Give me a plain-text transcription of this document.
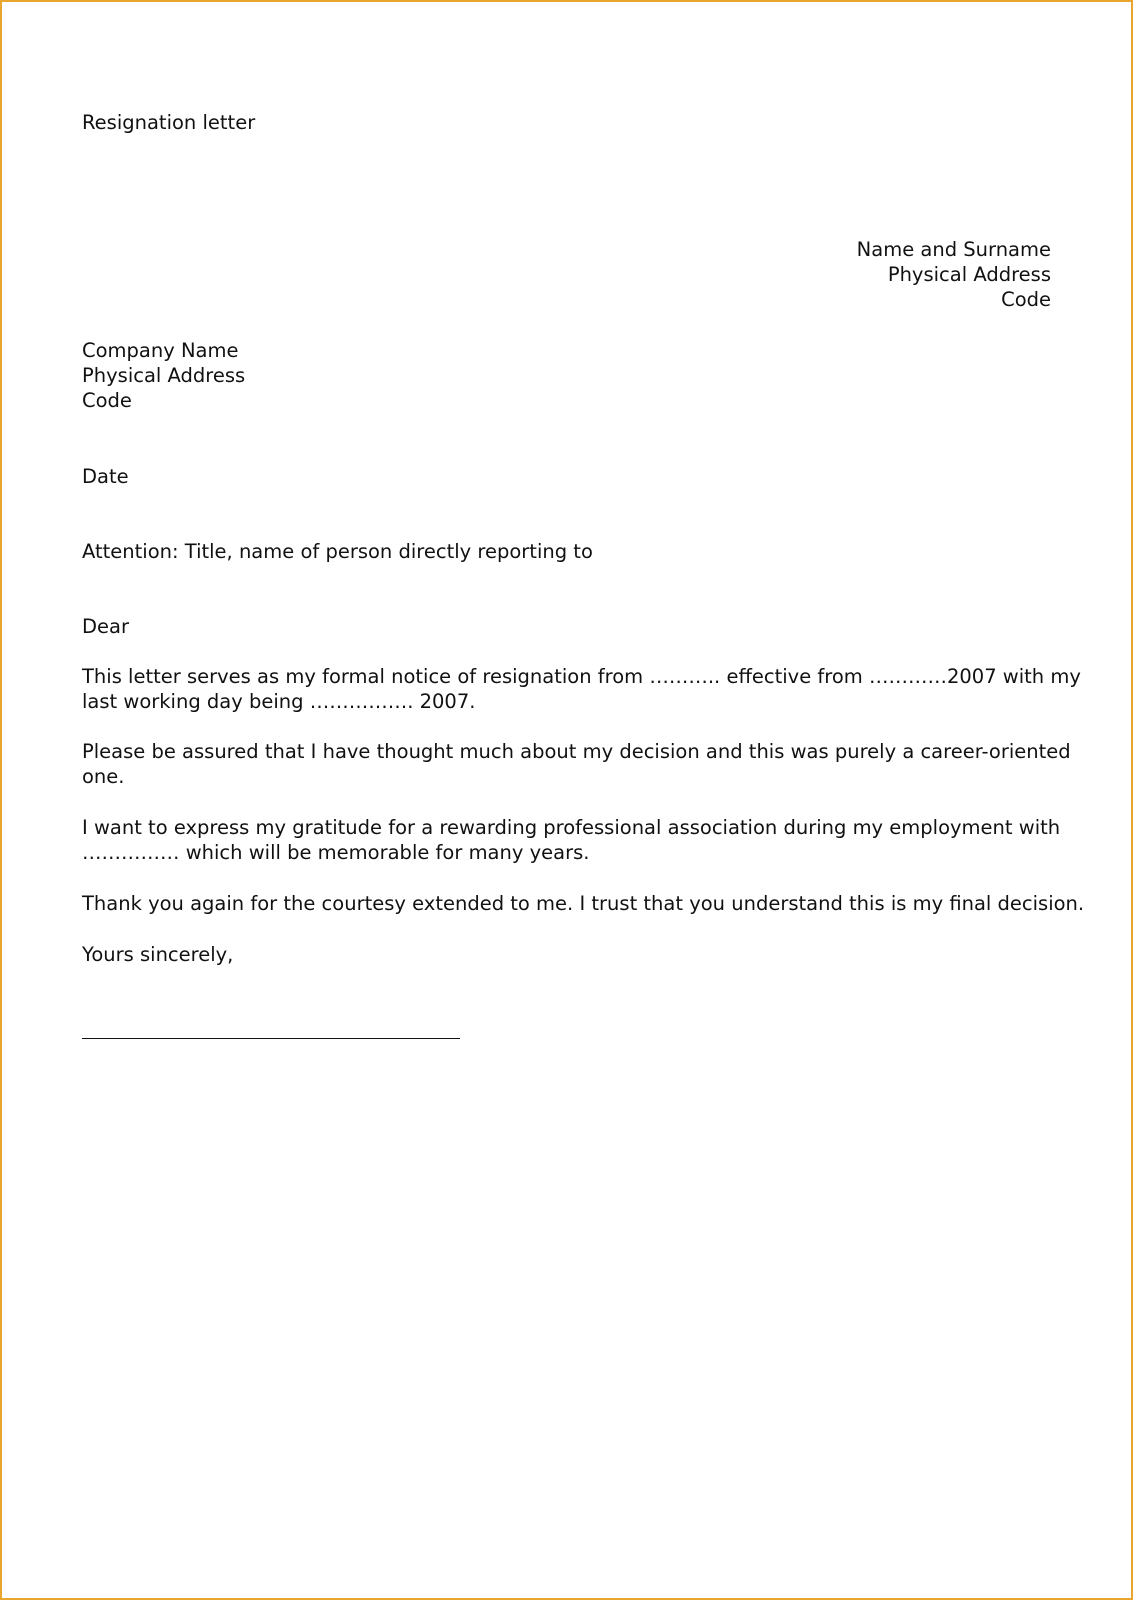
Resignation letter
Name and Surname
Physical Address
Code
Company Name
Physical Address
Code
Date
Attention: Title, name of person directly reporting to
Dear
This letter serves as my formal notice of resignation from ……….. effective from …………2007 with my
last working day being ……………. 2007.
Please be assured that I have thought much about my decision and this was purely a career-oriented
one.
I want to express my gratitude for a rewarding professional association during my employment with
…………… which will be memorable for many years.
Thank you again for the courtesy extended to me. I trust that you understand this is my final decision.
Yours sincerely,
